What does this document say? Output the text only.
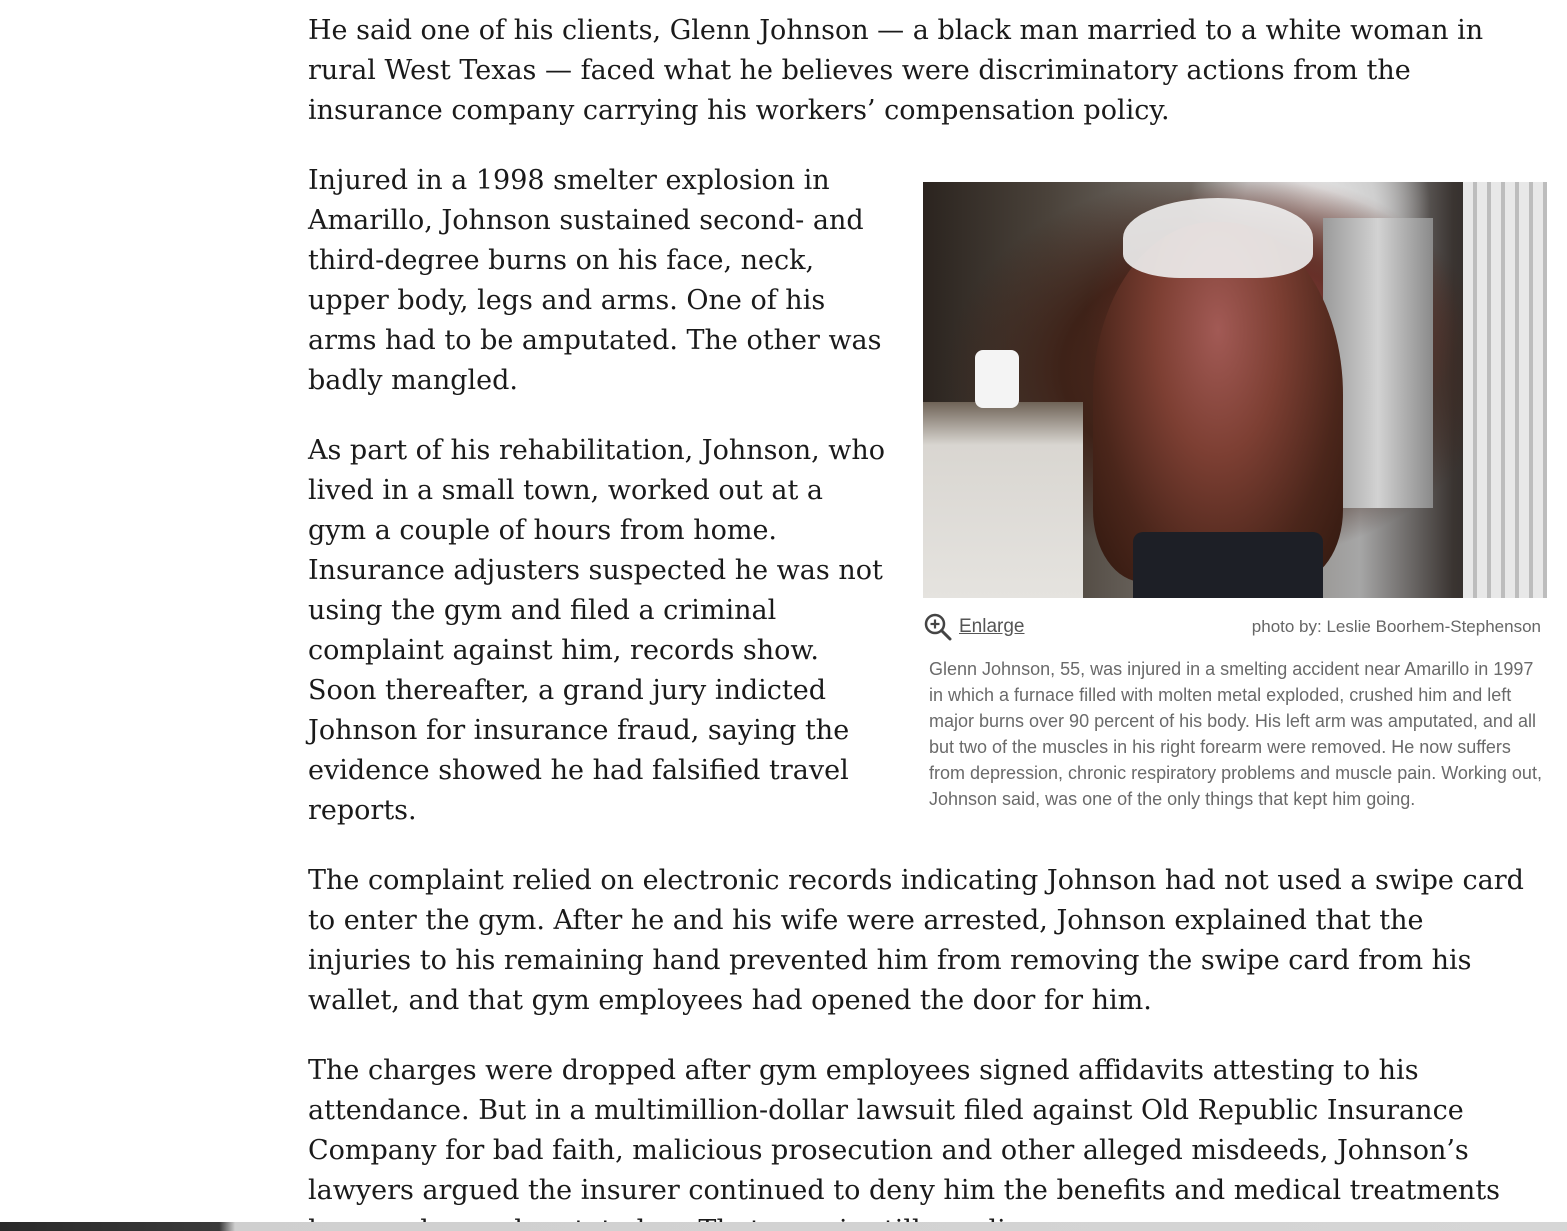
He said one of his clients, Glenn Johnson — a black man married to a white woman in rural West Texas — faced what he believes were discriminatory actions from the insurance company carrying his workers’ compensation policy.

Enlarge	photo by: Leslie Boorhem-Stephenson
Glenn Johnson, 55, was injured in a smelting accident near Amarillo in 1997 in which a furnace filled with molten metal exploded, crushed him and left major burns over 90 percent of his body. His left arm was amputated, and all but two of the muscles in his right forearm were removed. He now suffers from depression, chronic respiratory problems and muscle pain. Working out, Johnson said, was one of the only things that kept him going.

Injured in a 1998 smelter explosion in Amarillo, Johnson sustained second- and third-degree burns on his face, neck, upper body, legs and arms. One of his arms had to be amputated. The other was badly mangled.

As part of his rehabilitation, Johnson, who lived in a small town, worked out at a gym a couple of hours from home. Insurance adjusters suspected he was not using the gym and filed a criminal complaint against him, records show. Soon thereafter, a grand jury indicted Johnson for insurance fraud, saying the evidence showed he had falsified travel reports.

The complaint relied on electronic records indicating Johnson had not used a swipe card to enter the gym. After he and his wife were arrested, Johnson explained that the injuries to his remaining hand prevented him from removing the swipe card from his wallet, and that gym employees had opened the door for him.

The charges were dropped after gym employees signed affidavits attesting to his attendance. But in a multimillion-dollar lawsuit filed against Old Republic Insurance Company for bad faith, malicious prosecution and other alleged misdeeds, Johnson’s lawyers argued the insurer continued to deny him the benefits and medical treatments
